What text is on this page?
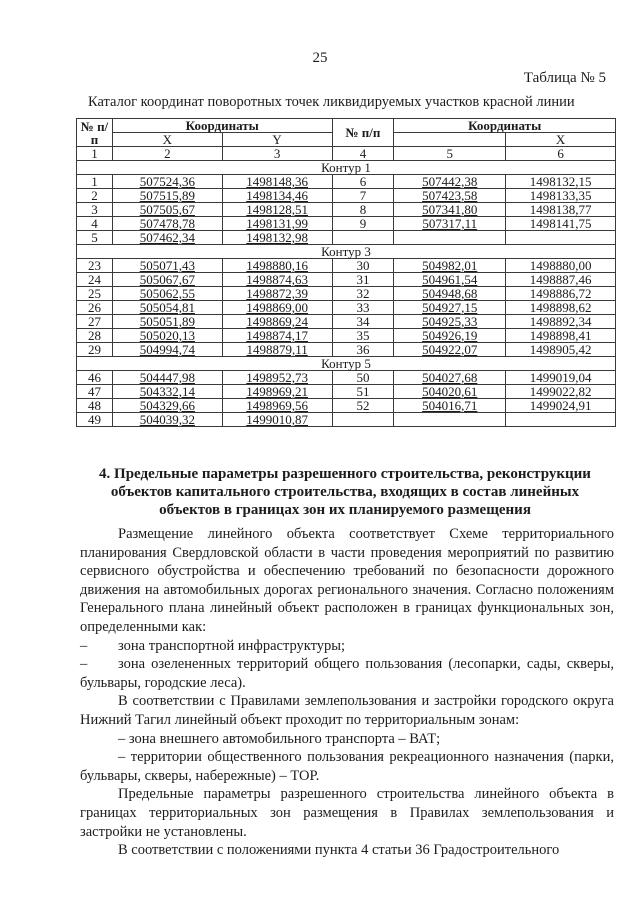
25
Таблица № 5
Каталог координат поворотных точек ликвидируемых участков красной линии
№ п/п	Координаты		№ п/п	Координаты	
	X	Y			X
1	2	3	4	5	6
Контур 1					
1	507524,36	1498148,36	6	507442,38	1498132,15
2	507515,89	1498134,46	7	507423,58	1498133,35
3	507505,67	1498128,51	8	507341,80	1498138,77
4	507478,78	1498131,99	9	507317,11	1498141,75
5	507462,34	1498132,98			
Контур 3					
23	505071,43	1498880,16	30	504982,01	1498880,00
24	505067,67	1498874,63	31	504961,54	1498887,46
25	505062,55	1498872,39	32	504948,68	1498886,72
26	505054,81	1498869,00	33	504927,15	1498898,62
27	505051,89	1498869,24	34	504925,33	1498892,34
28	505020,13	1498874,17	35	504926,19	1498898,41
29	504994,74	1498879,11	36	504922,07	1498905,42
Контур 5					
46	504447,98	1498952,73	50	504027,68	1499019,04
47	504332,14	1498969,21	51	504020,61	1499022,82
48	504329,66	1498969,56	52	504016,71	1499024,91
49	504039,32	1499010,87			
4. Предельные параметры разрешенного строительства, реконструкции объектов капитального строительства, входящих в состав линейных объектов в границах зон их планируемого размещения

Размещение линейного объекта соответствует Схеме территориального планирования Свердловской области в части проведения мероприятий по развитию сервисного обустройства и обеспечению требований по безопасности дорожного движения на автомобильных дорогах регионального значения. Согласно положениям Генерального плана линейный объект расположен в границах функциональных зон, определенными как:

– зона транспортной инфраструктуры;

– зона озелененных территорий общего пользования (лесопарки, сады, скверы, бульвары, городские леса).

В соответствии с Правилами землепользования и застройки городского округа Нижний Тагил линейный объект проходит по территориальным зонам:

– зона внешнего автомобильного транспорта – ВАТ;

– территории общественного пользования рекреационного назначения (парки, бульвары, скверы, набережные) – ТОР.

Предельные параметры разрешенного строительства линейного объекта в границах территориальных зон размещения в Правилах землепользования и застройки не установлены.

В соответствии с положениями пункта 4 статьи 36 Градостроительного
